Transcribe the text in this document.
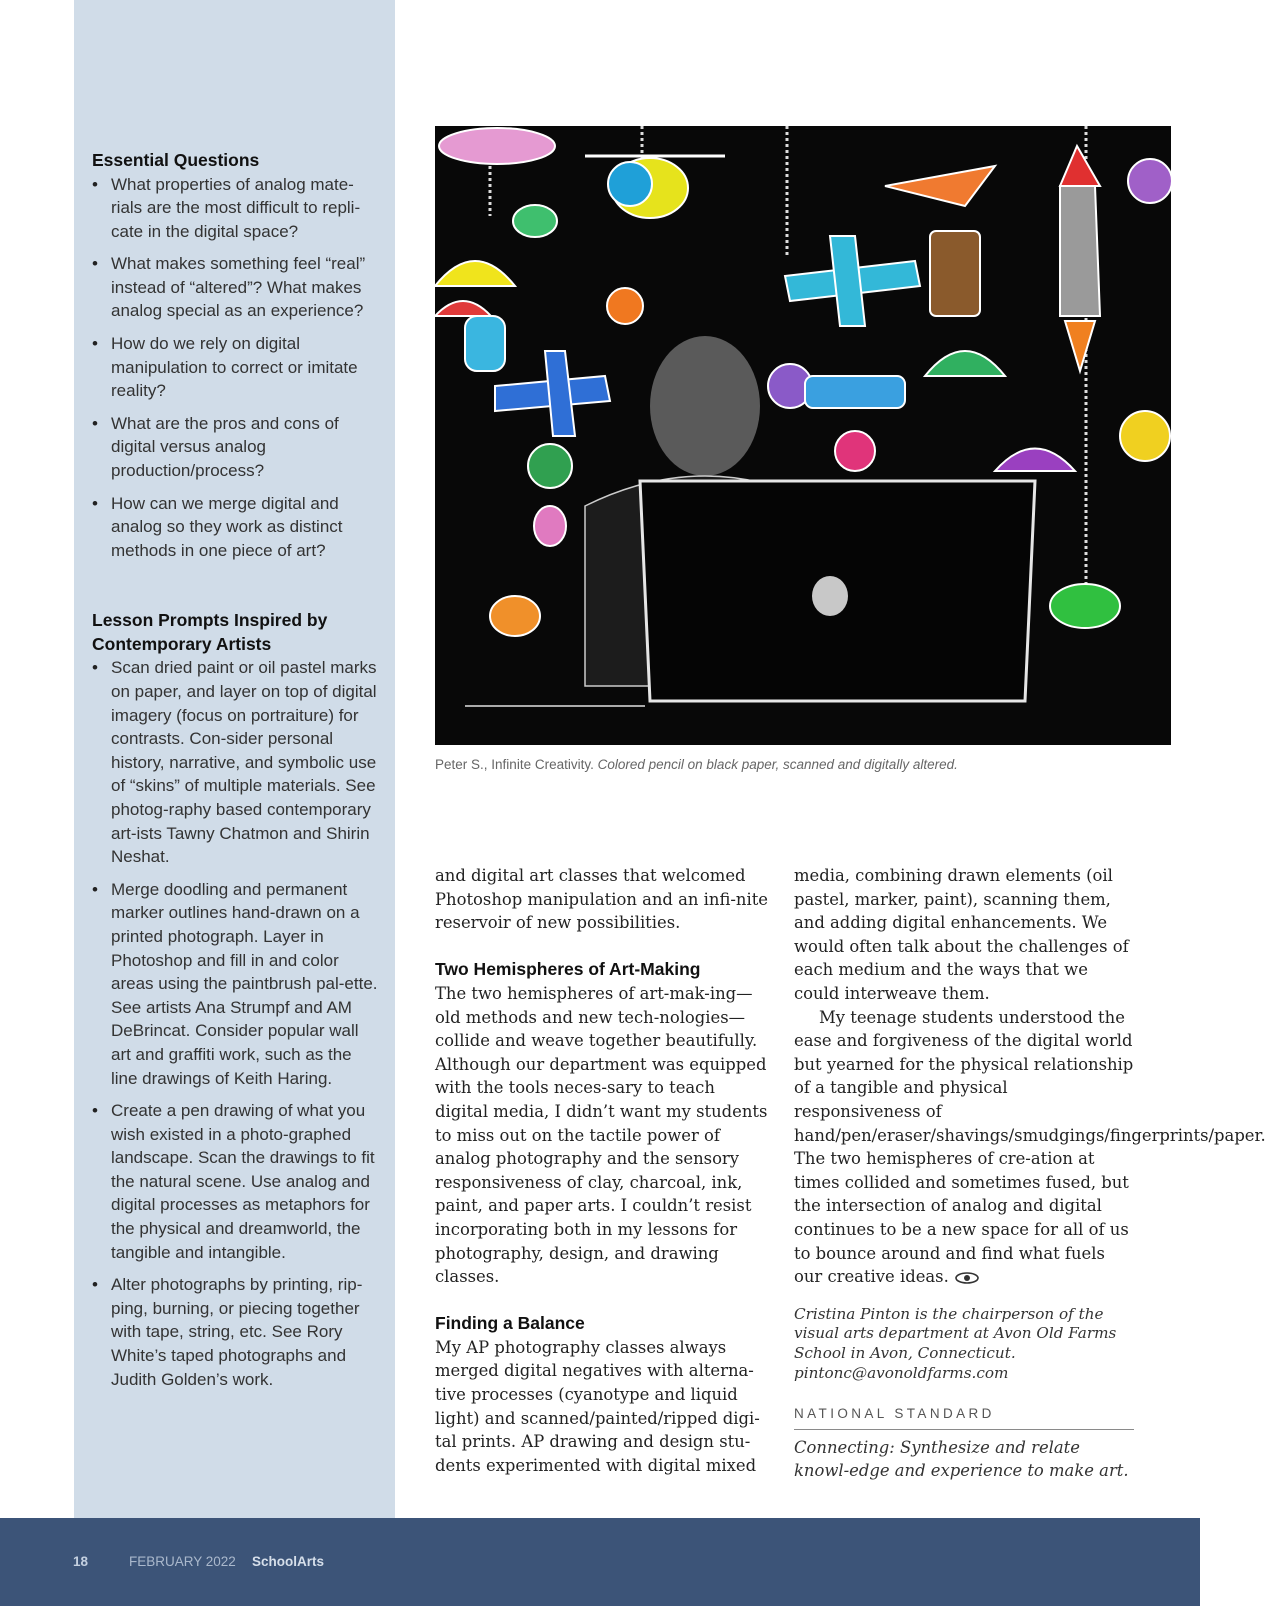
Essential Questions
• What properties of analog mate-rials are the most difficult to repli-cate in the digital space?
• What makes something feel “real” instead of “altered”? What makes analog special as an experience?
• How do we rely on digital manipulation to correct or imitate reality?
• What are the pros and cons of digital versus analog production/process?
• How can we merge digital and analog so they work as distinct methods in one piece of art?
Lesson Prompts Inspired by
Contemporary Artists
• Scan dried paint or oil pastel marks on paper, and layer on top of digital imagery (focus on portraiture) for contrasts. Con-sider personal history, narrative, and symbolic use of “skins” of multiple materials. See photog-raphy based contemporary art-ists Tawny Chatmon and Shirin Neshat.
• Merge doodling and permanent marker outlines hand-drawn on a printed photograph. Layer in Photoshop and fill in and color areas using the paintbrush pal-ette. See artists Ana Strumpf and AM DeBrincat. Consider popular wall art and graffiti work, such as the line drawings of Keith Haring.
• Create a pen drawing of what you wish existed in a photo-graphed landscape. Scan the drawings to fit the natural scene. Use analog and digital processes as metaphors for the physical and dreamworld, the tangible and intangible.
• Alter photographs by printing, rip-ping, burning, or piecing together with tape, string, etc. See Rory White’s taped photographs and Judith Golden’s work.
Peter S., Infinite Creativity. Colored pencil on black paper, scanned and digitally altered.

and digital art classes that welcomed Photoshop manipulation and an infi-nite reservoir of new possibilities.

Two Hemispheres of Art-Making

The two hemispheres of art-mak-ing—old methods and new tech-nologies—collide and weave together beautifully. Although our department was equipped with the tools neces-sary to teach digital media, I didn’t want my students to miss out on the tactile power of analog photography and the sensory responsiveness of clay, charcoal, ink, paint, and paper arts. I couldn’t resist incorporating both in my lessons for photography, design, and drawing classes.

Finding a Balance

My AP photography classes always merged digital negatives with alterna-tive processes (cyanotype and liquid light) and scanned/painted/ripped digi-tal prints. AP drawing and design stu-dents experimented with digital mixed

media, combining drawn elements (oil pastel, marker, paint), scanning them, and adding digital enhancements. We would often talk about the challenges of each medium and the ways that we could interweave them.

My teenage students understood the ease and forgiveness of the digital world but yearned for the physical relationship of a tangible and physical responsiveness of hand/pen/eraser/shavings/smudgings/fingerprints/paper. The two hemispheres of cre-ation at times collided and sometimes fused, but the intersection of analog and digital continues to be a new space for all of us to bounce around and find what fuels our creative ideas.

Cristina Pinton is the chairperson of the visual arts department at Avon Old Farms School in Avon, Connecticut. pintonc@avonoldfarms.com

NATIONAL STANDARD

Connecting: Synthesize and relate knowl-edge and experience to make art.

18	FEBRUARY 2022 SchoolArts
